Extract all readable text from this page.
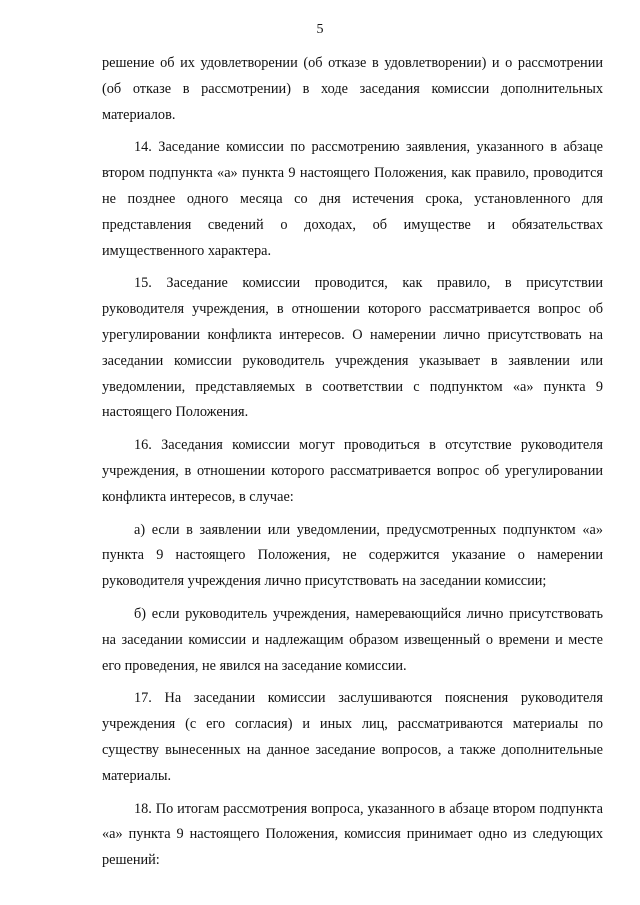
5

решение об их удовлетворении (об отказе в удовлетворении) и о рассмотрении (об отказе в рассмотрении) в ходе заседания комиссии дополнительных материалов.

14. Заседание комиссии по рассмотрению заявления, указанного в абзаце втором подпункта «а» пункта 9 настоящего Положения, как правило, проводится не позднее одного месяца со дня истечения срока, установленного для представления сведений о доходах, об имуществе и обязательствах имущественного характера.

15. Заседание комиссии проводится, как правило, в присутствии руководителя учреждения, в отношении которого рассматривается вопрос об урегулировании конфликта интересов. О намерении лично присутствовать на заседании комиссии руководитель учреждения указывает в заявлении или уведомлении, представляемых в соответствии с подпунктом «а» пункта 9 настоящего Положения.

16. Заседания комиссии могут проводиться в отсутствие руководителя учреждения, в отношении которого рассматривается вопрос об урегулировании конфликта интересов, в случае:

а) если в заявлении или уведомлении, предусмотренных подпунктом «а» пункта 9 настоящего Положения, не содержится указание о намерении руководителя учреждения лично присутствовать на заседании комиссии;

б) если руководитель учреждения, намеревающийся лично присутствовать на заседании комиссии и надлежащим образом извещенный о времени и месте его проведения, не явился на заседание комиссии.

17. На заседании комиссии заслушиваются пояснения руководителя учреждения (с его согласия) и иных лиц, рассматриваются материалы по существу вынесенных на данное заседание вопросов, а также дополнительные материалы.

18. По итогам рассмотрения вопроса, указанного в абзаце втором подпункта «а» пункта 9 настоящего Положения, комиссия принимает одно из следующих решений:
